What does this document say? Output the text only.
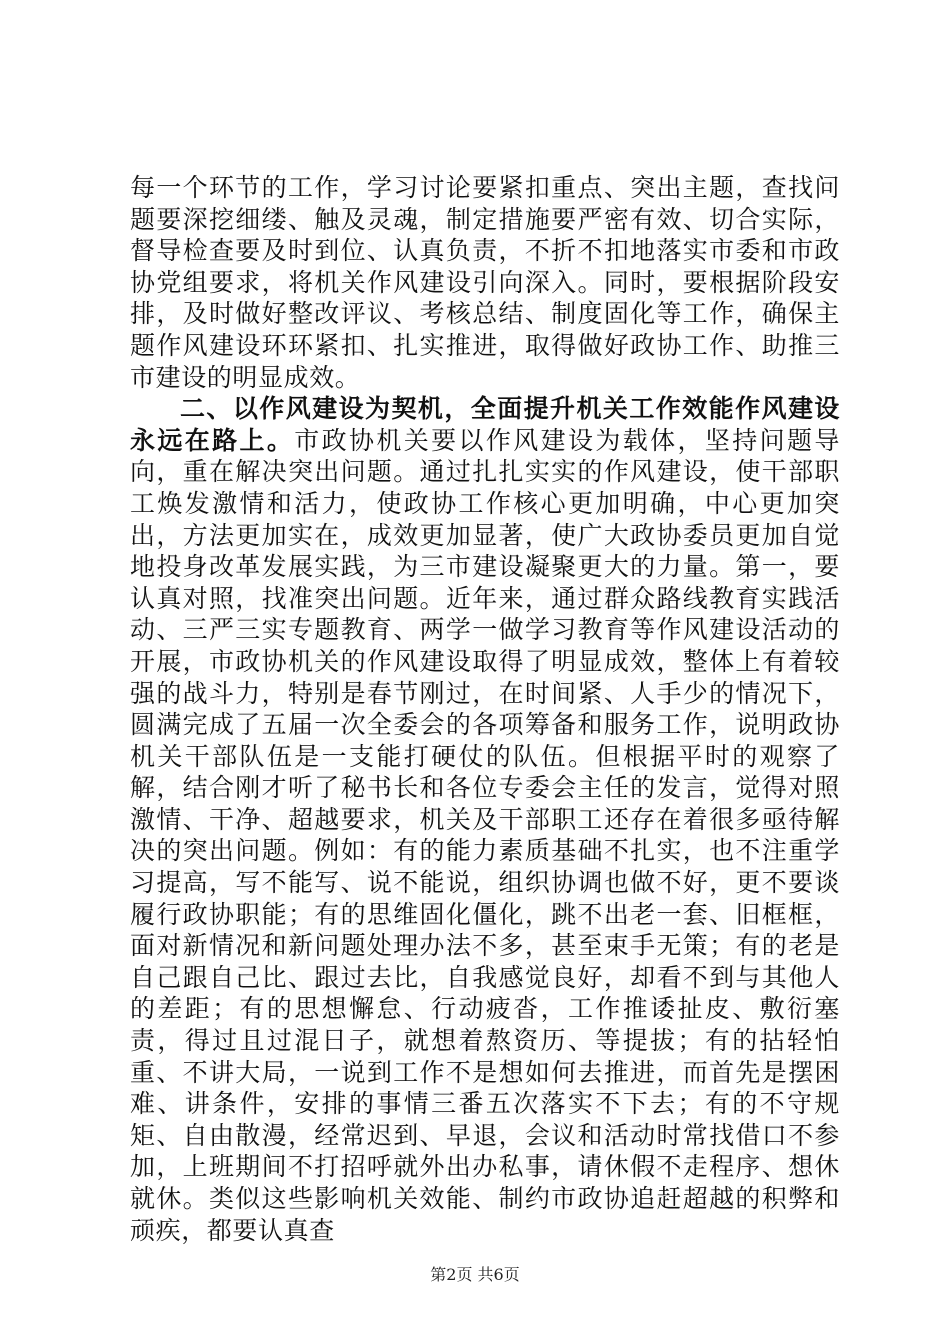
每一个环节的工作，学习讨论要紧扣重点、突出主题，查找问题要深挖细缕、触及灵魂，制定措施要严密有效、切合实际，督导检查要及时到位、认真负责，不折不扣地落实市委和市政协党组要求，将机关作风建设引向深入。同时，要根据阶段安排，及时做好整改评议、考核总结、制度固化等工作，确保主题作风建设环环紧扣、扎实推进，取得做好政协工作、助推三市建设的明显成效。

二、以作风建设为契机，全面提升机关工作效能作风建设永远在路上。市政协机关要以作风建设为载体，坚持问题导向，重在解决突出问题。通过扎扎实实的作风建设，使干部职工焕发激情和活力，使政协工作核心更加明确，中心更加突出，方法更加实在，成效更加显著，使广大政协委员更加自觉地投身改革发展实践，为三市建设凝聚更大的力量。第一，要认真对照，找准突出问题。近年来，通过群众路线教育实践活动、三严三实专题教育、两学一做学习教育等作风建设活动的开展，市政协机关的作风建设取得了明显成效，整体上有着较强的战斗力，特别是春节刚过，在时间紧、人手少的情况下，圆满完成了五届一次全委会的各项筹备和服务工作，说明政协机关干部队伍是一支能打硬仗的队伍。但根据平时的观察了解，结合刚才听了秘书长和各位专委会主任的发言，觉得对照激情、干净、超越要求，机关及干部职工还存在着很多亟待解决的突出问题。例如：有的能力素质基础不扎实，也不注重学习提高，写不能写、说不能说，组织协调也做不好，更不要谈履行政协职能；有的思维固化僵化，跳不出老一套、旧框框，面对新情况和新问题处理办法不多，甚至束手无策；有的老是自己跟自己比、跟过去比，自我感觉良好，却看不到与其他人的差距；有的思想懈怠、行动疲沓，工作推诿扯皮、敷衍塞责，得过且过混日子，就想着熬资历、等提拔；有的拈轻怕重、不讲大局，一说到工作不是想如何去推进，而首先是摆困难、讲条件，安排的事情三番五次落实不下去；有的不守规矩、自由散漫，经常迟到、早退，会议和活动时常找借口不参加，上班期间不打招呼就外出办私事，请休假不走程序、想休就休。类似这些影响机关效能、制约市政协追赶超越的积弊和顽疾，都要认真查

第2页 共6页
